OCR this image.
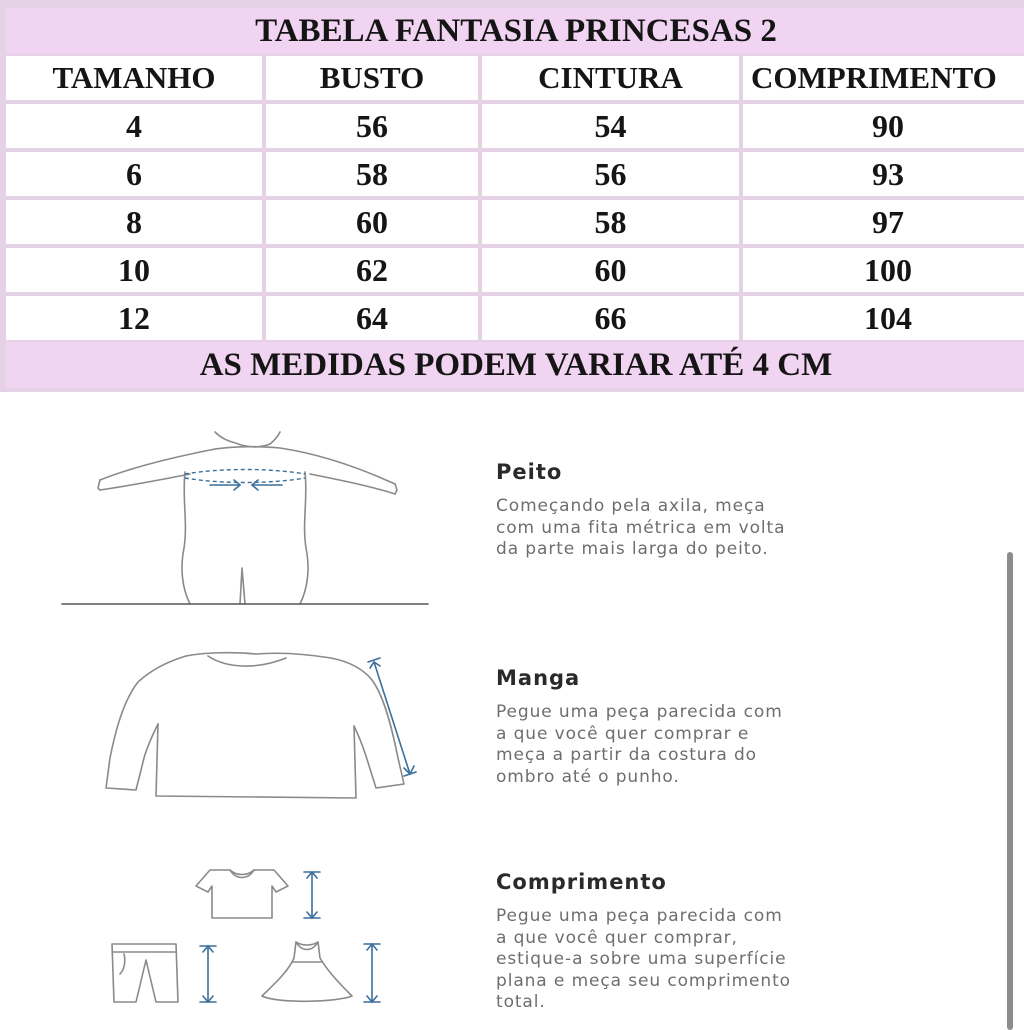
TABELA FANTASIA PRINCESAS 2
TAMANHO	BUSTO	CINTURA	COMPRIMENTO
4	56	54	90
6	58	56	93
8	60	58	97
10	62	60	100
12	64	66	104
AS MEDIDAS PODEM VARIAR ATÉ 4 CM
Peito
Começando pela axila, meça
com uma fita métrica em volta
da parte mais larga do peito.
Manga
Pegue uma peça parecida com
a que você quer comprar e
meça a partir da costura do
ombro até o punho.
Comprimento
Pegue uma peça parecida com
a que você quer comprar,
estique-a sobre uma superfície
plana e meça seu comprimento
total.
